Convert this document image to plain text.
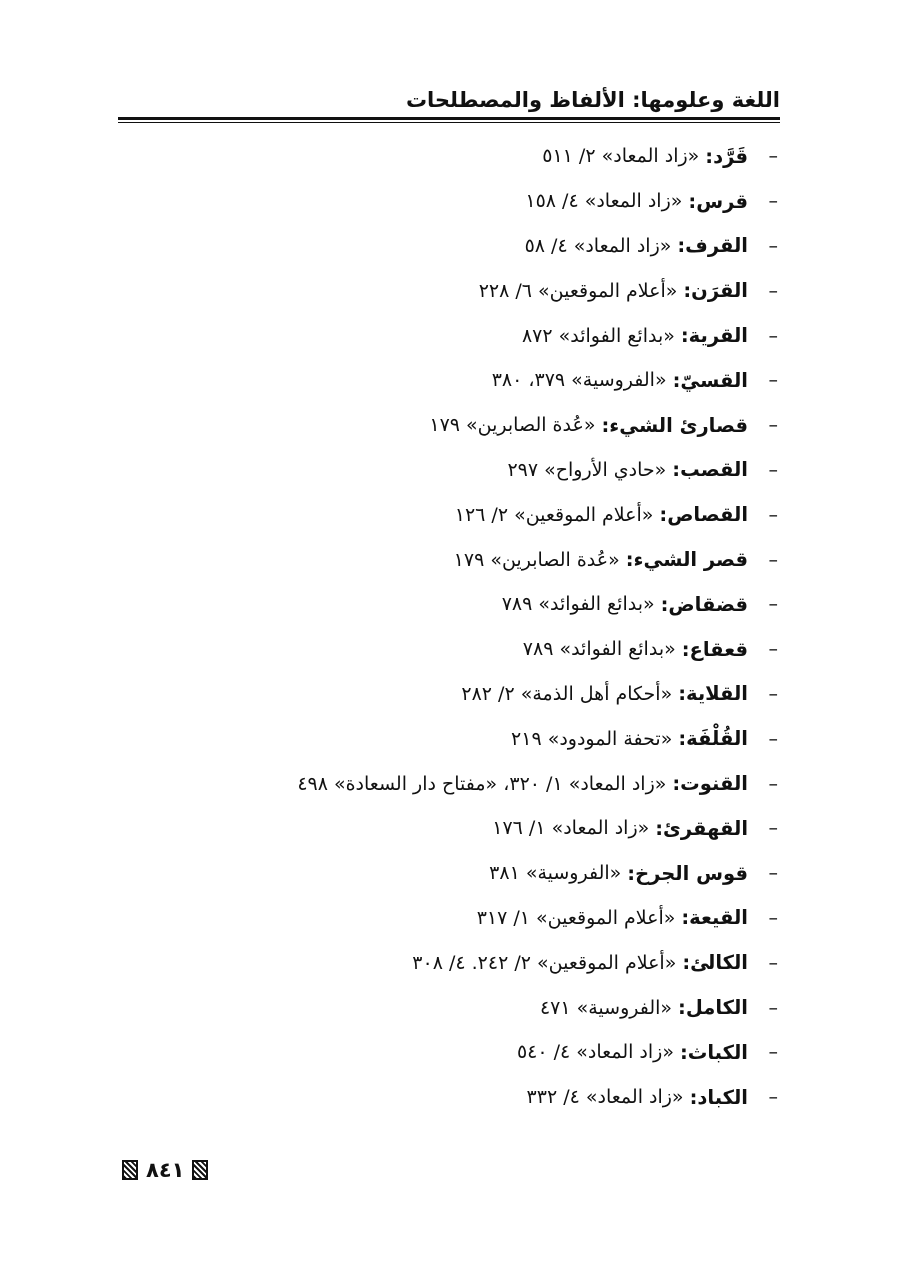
اللغة وعلومها: الألفاظ والمصطلحات
–
قَرَّد:
«زاد المعاد» ٢/ ٥١١
–
قرس:
«زاد المعاد» ٤/ ١٥٨
–
القرف:
«زاد المعاد» ٤/ ٥٨
–
القرَن:
«أعلام الموقعين» ٦/ ٢٢٨
–
القرية:
«بدائع الفوائد» ٨٧٢
–
القسيّ:
«الفروسية» ٣٧٩، ٣٨٠
–
قصارئ الشيء:
«عُدة الصابرين» ١٧٩
–
القصب:
«حادي الأرواح» ٢٩٧
–
القصاص:
«أعلام الموقعين» ٢/ ١٢٦
–
قصر الشيء:
«عُدة الصابرين» ١٧٩
–
قضقاض:
«بدائع الفوائد» ٧٨٩
–
قعقاع:
«بدائع الفوائد» ٧٨٩
–
القلاية:
«أحكام أهل الذمة» ٢/ ٢٨٢
–
القُلْفَة:
«تحفة المودود» ٢١٩
–
القنوت:
«زاد المعاد» ١/ ٣٢٠، «مفتاح دار السعادة» ٤٩٨
–
القهقرئ:
«زاد المعاد» ١/ ١٧٦
–
قوس الجرخ:
«الفروسية» ٣٨١
–
القيعة:
«أعلام الموقعين» ١/ ٣١٧
–
الكالئ:
«أعلام الموقعين» ٢/ ٢٤٢. ٤/ ٣٠٨
–
الكامل:
«الفروسية» ٤٧١
–
الكباث:
«زاد المعاد» ٤/ ٥٤٠
–
الكباد:
«زاد المعاد» ٤/ ٣٣٢
٨٤١
